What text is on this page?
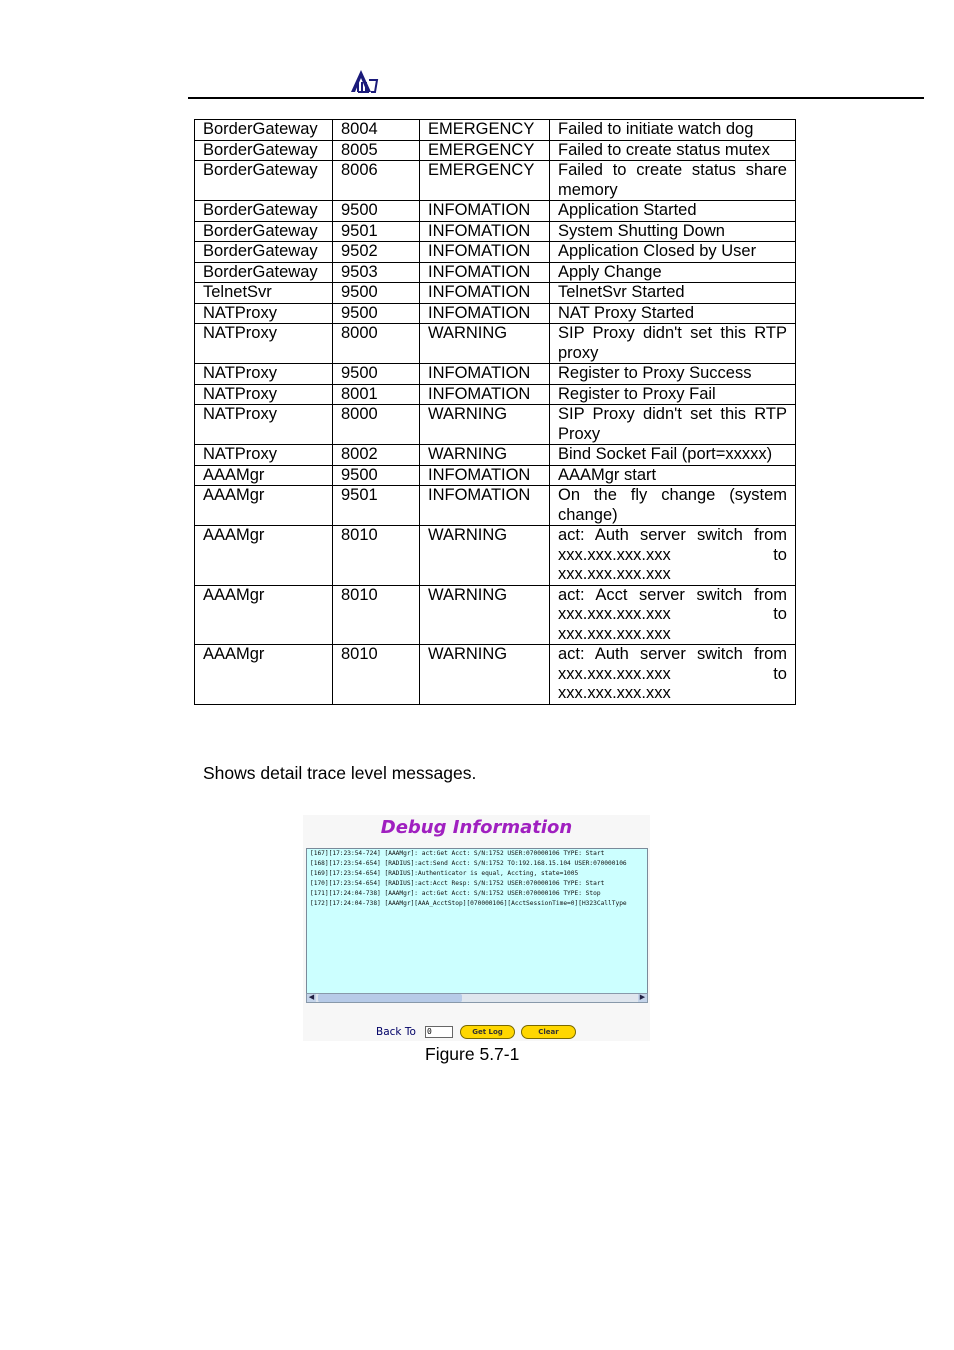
BorderGateway	8004	EMERGENCY	Failed to initiate watch dog
BorderGateway	8005	EMERGENCY	Failed to create status mutex
BorderGateway	8006	EMERGENCY	Failed to create status share memory
BorderGateway	9500	INFOMATION	Application Started
BorderGateway	9501	INFOMATION	System Shutting Down
BorderGateway	9502	INFOMATION	Application Closed by User
BorderGateway	9503	INFOMATION	Apply Change
TelnetSvr	9500	INFOMATION	TelnetSvr Started
NATProxy	9500	INFOMATION	NAT Proxy Started
NATProxy	8000	WARNING	SIP Proxy didn't set this RTP proxy
NATProxy	9500	INFOMATION	Register to Proxy Success
NATProxy	8001	INFOMATION	Register to Proxy Fail
NATProxy	8000	WARNING	SIP Proxy didn't set this RTP Proxy
NATProxy	8002	WARNING	Bind Socket Fail (port=xxxxx)
AAAMgr	9500	INFOMATION	AAAMgr start
AAAMgr	9501	INFOMATION	On the fly change (system change)
AAAMgr	8010	WARNING	act: Auth server switch from xxx.xxx.xxx.xxx to xxx.xxx.xxx.xxx
AAAMgr	8010	WARNING	act: Acct server switch from xxx.xxx.xxx.xxx to xxx.xxx.xxx.xxx
AAAMgr	8010	WARNING	act: Auth server switch from xxx.xxx.xxx.xxx to xxx.xxx.xxx.xxx
Shows detail trace level messages.
Debug Information
[167][17:23:54-724] [AAAMgr]: act:Get Acct: S/N:1752 USER:070000106 TYPE: Start
[168][17:23:54-654] [RADIUS]:act:Send Acct: S/N:1752 TO:192.168.15.104 USER:070000106
[169][17:23:54-654] [RADIUS]:Authenticator is equal, Accting, state=1005
[170][17:23:54-654] [RADIUS]:act:Acct Resp: S/N:1752 USER:070000106 TYPE: Start
[171][17:24:04-738] [AAAMgr]: act:Get Acct: S/N:1752 USER:070000106 TYPE: Stop
[172][17:24:04-738] [AAAMgr][AAA_AcctStop][070000106][AcctSessionTime=0][H323CallType
◀	▶
Back To 0	Get Log	Clear
Figure 5.7-1
